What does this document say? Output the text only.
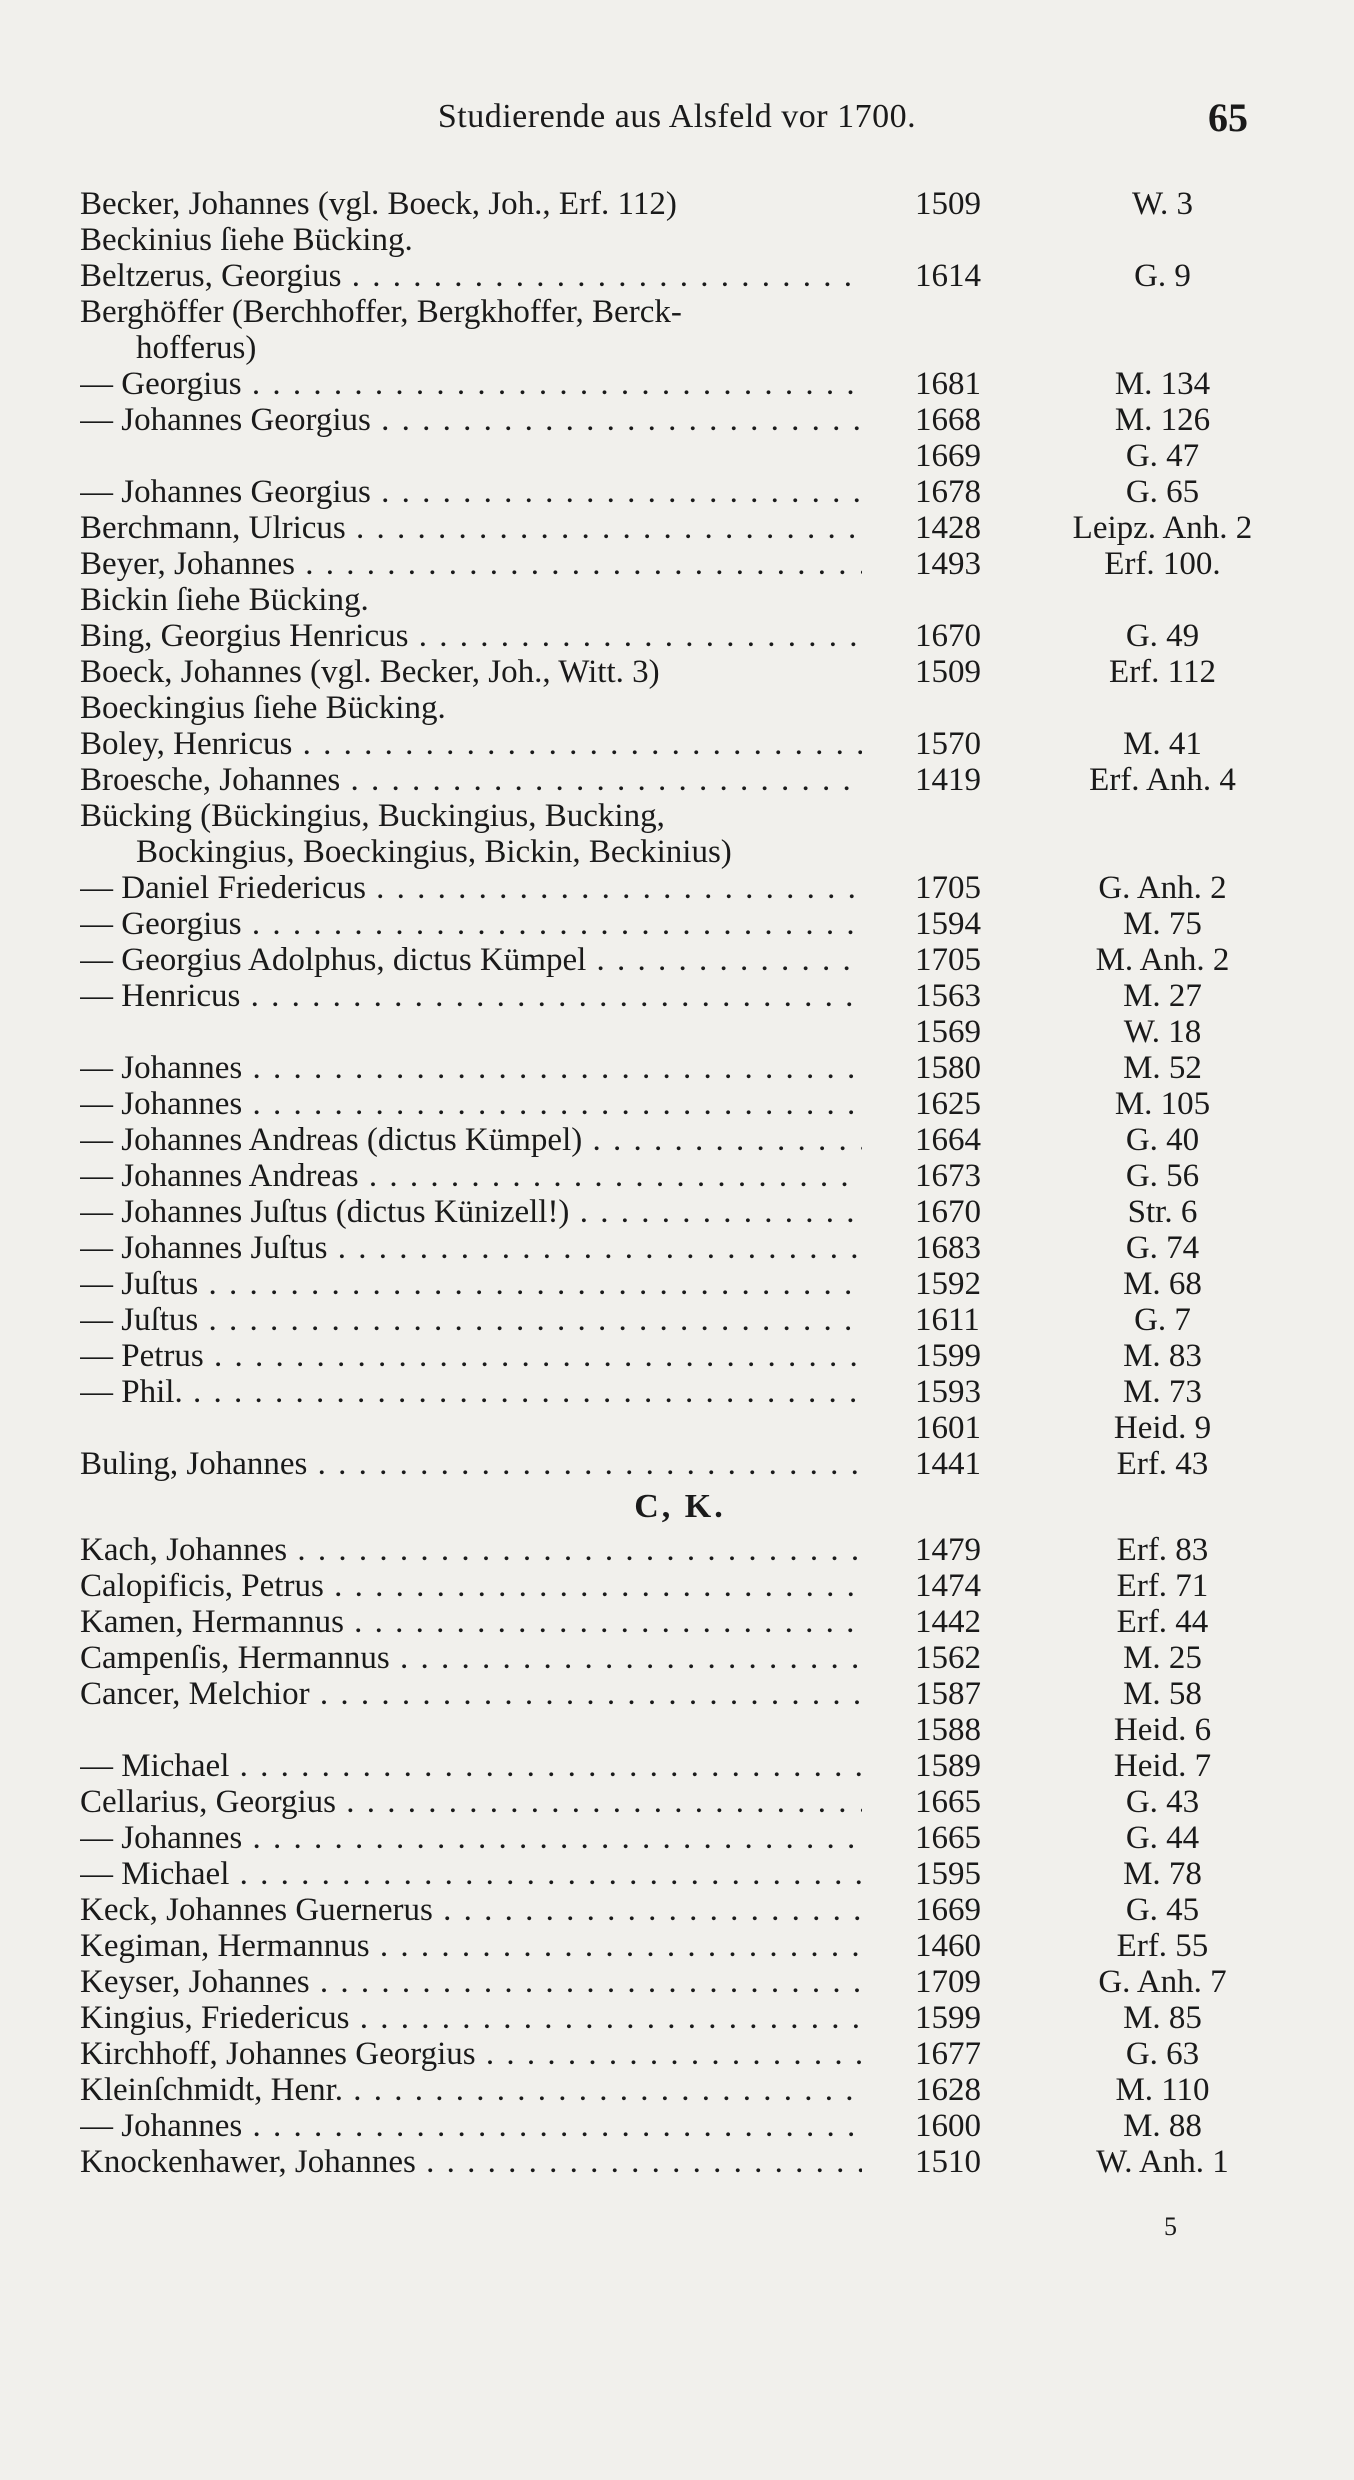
Studierende aus Alsfeld vor 1700.	65
Becker, Johannes (vgl. Boeck, Joh., Erf. 112)	1509	W. 3
Beckinius ſiehe Bücking.
Beltzerus, Georgius . . .	1614	G. 9
Berghöffer (Berchhoffer, Bergkhoffer, Berck-
hofferus)
— Georgius . . .	1681	M. 134
— Johannes Georgius . . .	1668	M. 126
1669	G. 47
— Johannes Georgius . . .	1678	G. 65
Berchmann, Ulricus . . .	1428	Leipz. Anh. 2
Beyer, Johannes . . .	1493	Erf. 100.
Bickin ſiehe Bücking.
Bing, Georgius Henricus . . .	1670	G. 49
Boeck, Johannes (vgl. Becker, Joh., Witt. 3)	1509	Erf. 112
Boeckingius ſiehe Bücking.
Boley, Henricus . . .	1570	M. 41
Broesche, Johannes . . .	1419	Erf. Anh. 4
Bücking (Bückingius, Buckingius, Bucking,
Bockingius, Boeckingius, Bickin, Beckinius)
— Daniel Friedericus . . .	1705	G. Anh. 2
— Georgius . . .	1594	M. 75
— Georgius Adolphus, dictus Kümpel . . .	1705	M. Anh. 2
— Henricus . . .	1563	M. 27
1569	W. 18
— Johannes . . .	1580	M. 52
— Johannes . . .	1625	M. 105
— Johannes Andreas (dictus Kümpel) . . .	1664	G. 40
— Johannes Andreas . . .	1673	G. 56
— Johannes Juſtus (dictus Künizell!) . . .	1670	Str. 6
— Johannes Juſtus . . .	1683	G. 74
— Juſtus . . .	1592	M. 68
— Juſtus . . .	1611	G. 7
— Petrus . . .	1599	M. 83
— Phil. . . .	1593	M. 73
1601	Heid. 9
Buling, Johannes . . .	1441	Erf. 43
C, K.
Kach, Johannes . . .	1479	Erf. 83
Calopificis, Petrus . . .	1474	Erf. 71
Kamen, Hermannus . . .	1442	Erf. 44
Campenſis, Hermannus . . .	1562	M. 25
Cancer, Melchior . . .	1587	M. 58
1588	Heid. 6
— Michael . . .	1589	Heid. 7
Cellarius, Georgius . . .	1665	G. 43
— Johannes . . .	1665	G. 44
— Michael . . .	1595	M. 78
Keck, Johannes Guernerus . . .	1669	G. 45
Kegiman, Hermannus . . .	1460	Erf. 55
Keyser, Johannes . . .	1709	G. Anh. 7
Kingius, Friedericus . . .	1599	M. 85
Kirchhoff, Johannes Georgius . . .	1677	G. 63
Kleinſchmidt, Henr. . . .	1628	M. 110
— Johannes . . .	1600	M. 88
Knockenhawer, Johannes . . .	1510	W. Anh. 1
5
